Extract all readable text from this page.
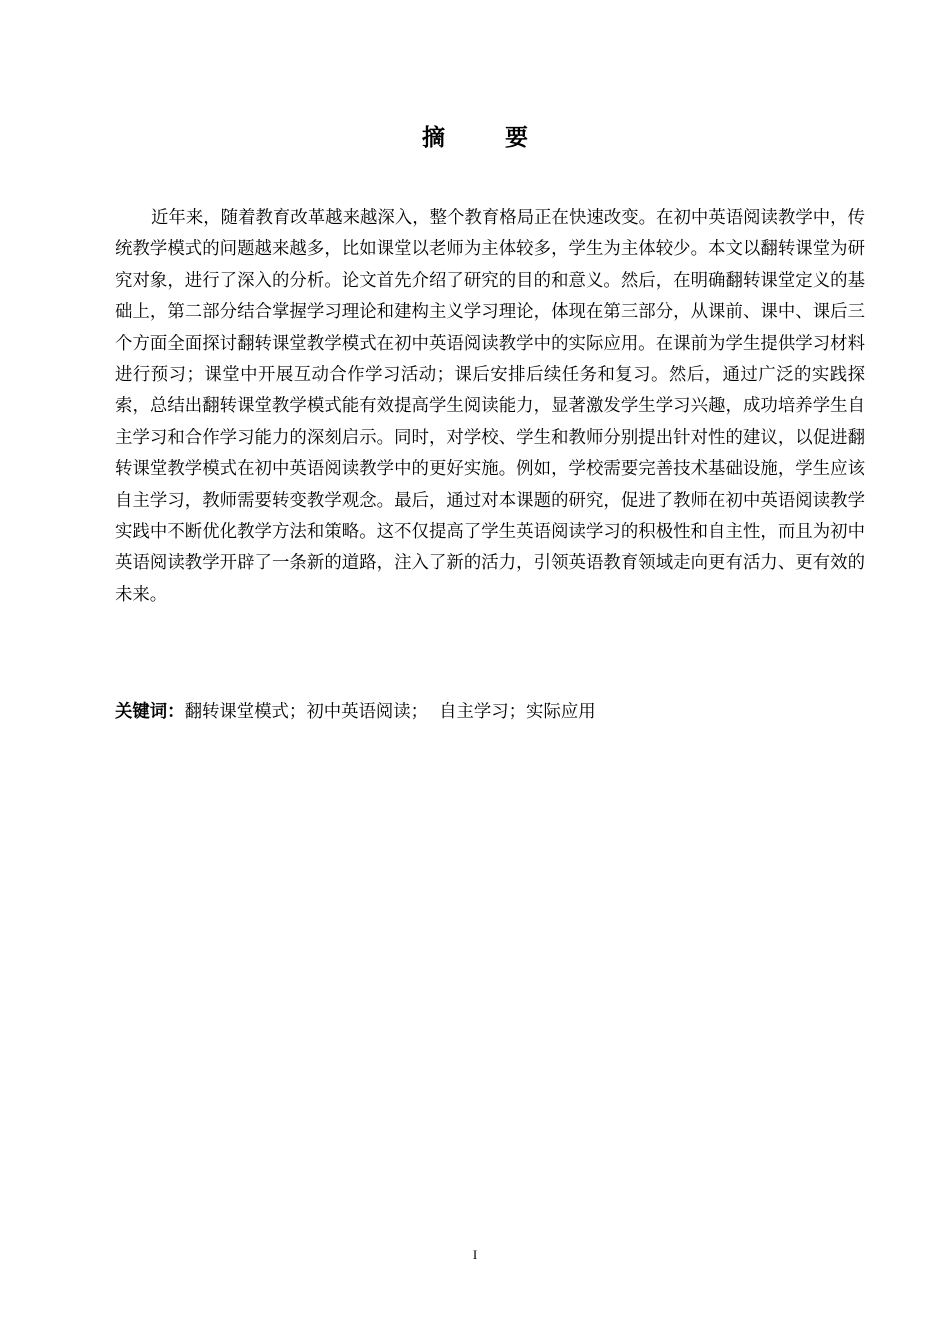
摘 要

近年来，随着教育改革越来越深入，整个教育格局正在快速改变。在初中英语阅读教学中，传统教学模式的问题越来越多，比如课堂以老师为主体较多，学生为主体较少。本文以翻转课堂为研究对象，进行了深入的分析。论文首先介绍了研究的目的和意义。然后，在明确翻转课堂定义的基础上，第二部分结合掌握学习理论和建构主义学习理论，体现在第三部分，从课前、课中、课后三个方面全面探讨翻转课堂教学模式在初中英语阅读教学中的实际应用。在课前为学生提供学习材料进行预习；课堂中开展互动合作学习活动；课后安排后续任务和复习。然后，通过广泛的实践探索，总结出翻转课堂教学模式能有效提高学生阅读能力，显著激发学生学习兴趣，成功培养学生自主学习和合作学习能力的深刻启示。同时，对学校、学生和教师分别提出针对性的建议，以促进翻转课堂教学模式在初中英语阅读教学中的更好实施。例如，学校需要完善技术基础设施，学生应该自主学习，教师需要转变教学观念。最后，通过对本课题的研究，促进了教师在初中英语阅读教学实践中不断优化教学方法和策略。这不仅提高了学生英语阅读学习的积极性和自主性，而且为初中英语阅读教学开辟了一条新的道路，注入了新的活力，引领英语教育领域走向更有活力、更有效的未来。

关键词：翻转课堂模式；初中英语阅读；  自主学习；实际应用

I
